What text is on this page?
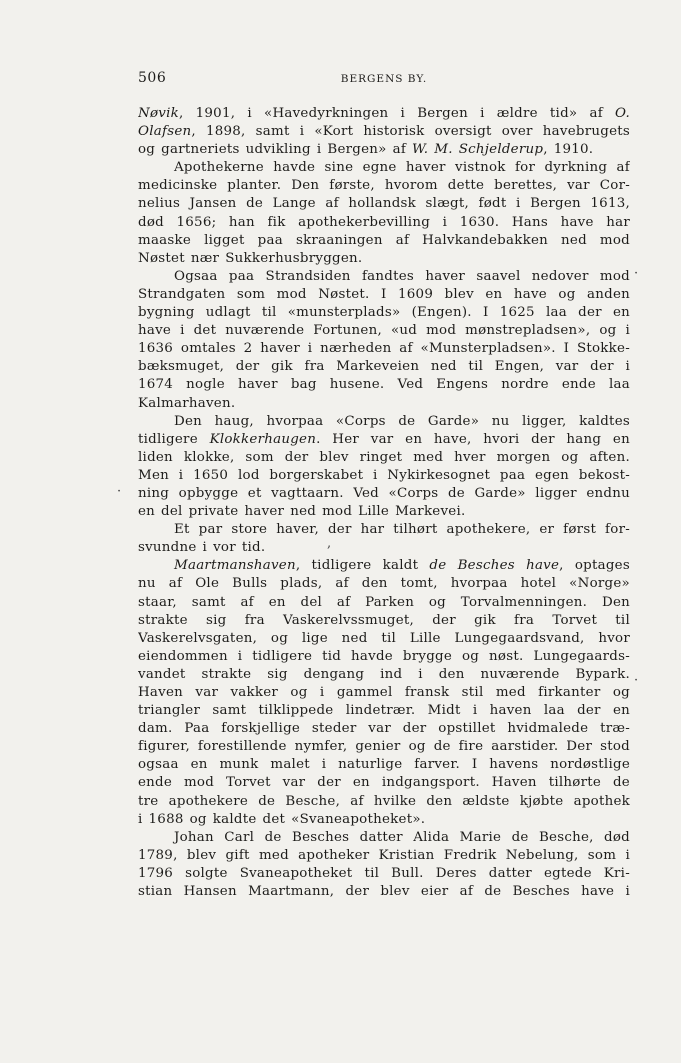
506	BERGENS BY.
Nøvik, 1901, i «Havedyrkningen i Bergen i ældre tid» af O.
Olafsen, 1898, samt i «Kort historisk oversigt over havebrugets
og gartneriets udvikling i Bergen» af W. M. Schjelderup, 1910.
Apothekerne havde sine egne haver vistnok for dyrkning af
medicinske planter. Den første, hvorom dette berettes, var Cor-
nelius Jansen de Lange af hollandsk slægt, født i Bergen 1613,
død 1656; han fik apothekerbevilling i 1630. Hans have har
maaske ligget paa skraaningen af Halvkandebakken ned mod
Nøstet nær Sukkerhusbryggen.
Ogsaa paa Strandsiden fandtes haver saavel nedover mod
Strandgaten som mod Nøstet. I 1609 blev en have og anden
bygning udlagt til «munsterplads» (Engen). I 1625 laa der en
have i det nuværende Fortunen, «ud mod mønstrepladsen», og i
1636 omtales 2 haver i nærheden af «Munsterpladsen». I Stokke-
bæksmuget, der gik fra Markeveien ned til Engen, var der i
1674 nogle haver bag husene. Ved Engens nordre ende laa
Kalmarhaven.
Den haug, hvorpaa «Corps de Garde» nu ligger, kaldtes
tidligere Klokkerhaugen. Her var en have, hvori der hang en
liden klokke, som der blev ringet med hver morgen og aften.
Men i 1650 lod borgerskabet i Nykirkesognet paa egen bekost-
ning opbygge et vagttaarn. Ved «Corps de Garde» ligger endnu
en del private haver ned mod Lille Markevei.
Et par store haver, der har tilhørt apothekere, er først for-
svundne i vor tid.
Maartmanshaven, tidligere kaldt de Besches have, optages
nu af Ole Bulls plads, af den tomt, hvorpaa hotel «Norge»
staar, samt af en del af Parken og Torvalmenningen. Den
strakte sig fra Vaskerelvssmuget, der gik fra Torvet til
Vaskerelvsgaten, og lige ned til Lille Lungegaardsvand, hvor
eiendommen i tidligere tid havde brygge og nøst. Lungegaards-
vandet strakte sig dengang ind i den nuværende Bypark.
Haven var vakker og i gammel fransk stil med firkanter og
triangler samt tilklippede lindetrær. Midt i haven laa der en
dam. Paa forskjellige steder var der opstillet hvidmalede træ-
figurer, forestillende nymfer, genier og de fire aarstider. Der stod
ogsaa en munk malet i naturlige farver. I havens nordøstlige
ende mod Torvet var der en indgangsport. Haven tilhørte de
tre apothekere de Besche, af hvilke den ældste kjøbte apothek
i 1688 og kaldte det «Svaneapotheket».
Johan Carl de Besches datter Alida Marie de Besche, død
1789, blev gift med apotheker Kristian Fredrik Nebelung, som i
1796 solgte Svaneapotheket til Bull. Deres datter egtede Kri-
stian Hansen Maartmann, der blev eier af de Besches have i
·
·
,
·
